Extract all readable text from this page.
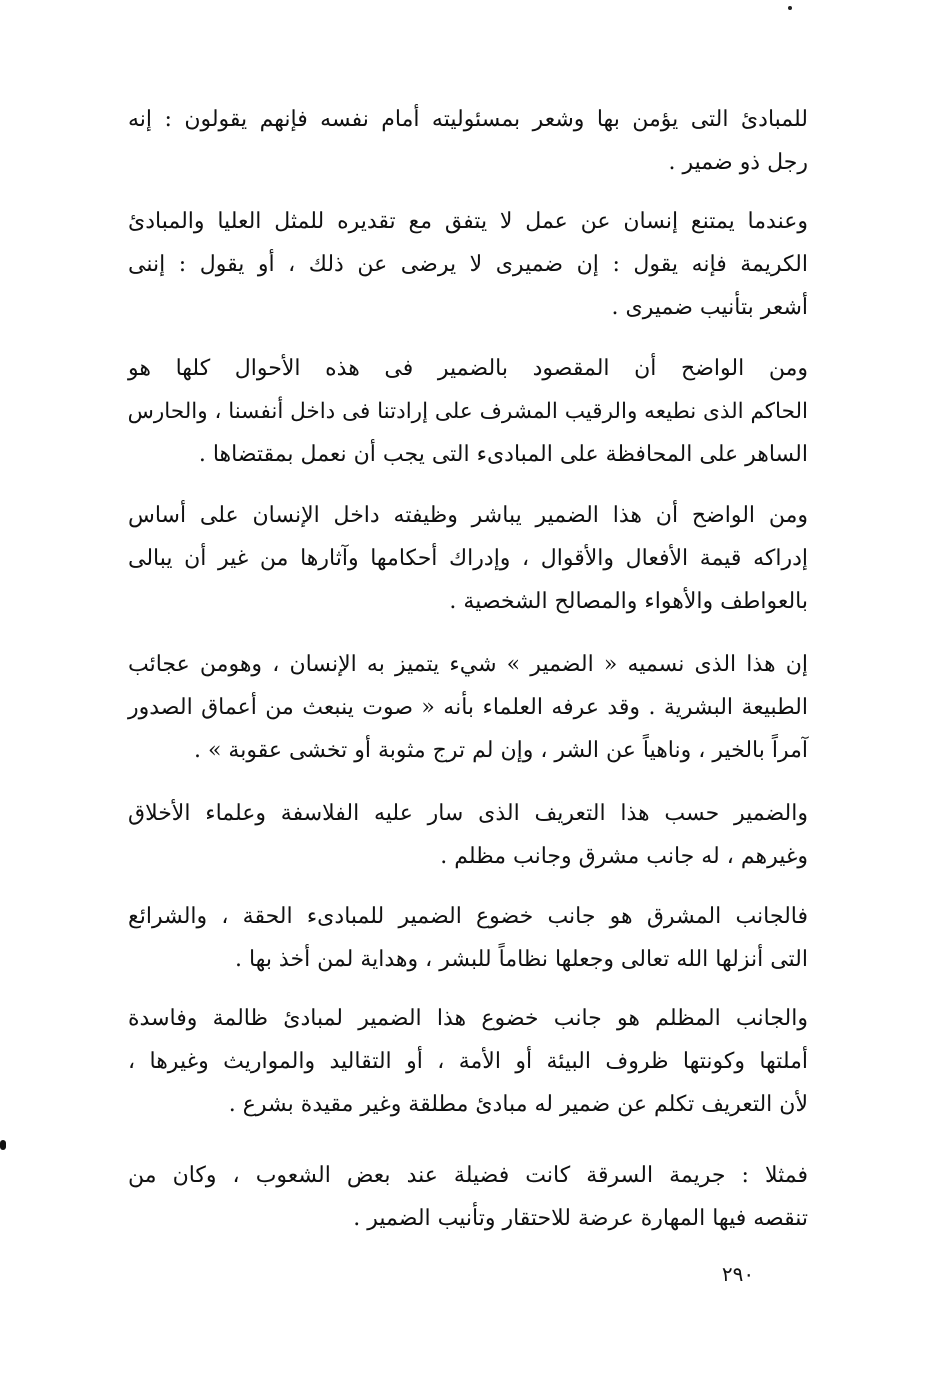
للمبادئ التى يؤمن بها وشعر بمسئوليته أمام نفسه فإنهم يقولون : إنه
رجل ذو ضمير .
وعندما يمتنع إنسان عن عمل لا يتفق مع تقديره للمثل العليا والمبادئ
الكريمة فإنه يقول : إن ضميرى لا يرضى عن ذلك ، أو يقول : إننى
أشعر بتأنيب ضميرى .
ومن الواضح أن المقصود بالضمير فى هذه الأحوال كلها هو
الحاكم الذى نطيعه والرقيب المشرف على إرادتنا فى داخل أنفسنا ، والحارس
الساهر على المحافظة على المبادىء التى يجب أن نعمل بمقتضاها .
ومن الواضح أن هذا الضمير يباشر وظيفته داخل الإنسان على أساس
إدراكه قيمة الأفعال والأقوال ، وإدراك أحكامها وآثارها من غير أن يبالى
بالعواطف والأهواء والمصالح الشخصية .
إن هذا الذى نسميه « الضمير » شيء يتميز به الإنسان ، وهومن عجائب
الطبيعة البشرية . وقد عرفه العلماء بأنه « صوت ينبعث من أعماق الصدور
آمراً بالخير ، وناهياً عن الشر ، وإن لم ترج مثوبة أو تخشى عقوبة » .
والضمير حسب هذا التعريف الذى سار عليه الفلاسفة وعلماء الأخلاق
وغيرهم ، له جانب مشرق وجانب مظلم .
فالجانب المشرق هو جانب خضوع الضمير للمبادىء الحقة ، والشرائع
التى أنزلها الله تعالى وجعلها نظاماً للبشر ، وهداية لمن أخذ بها .
والجانب المظلم هو جانب خضوع هذا الضمير لمبادئ ظالمة وفاسدة
أملتها وكونتها ظروف البيئة أو الأمة ، أو التقاليد والمواريث وغيرها ،
لأن التعريف تكلم عن ضمير له مبادئ مطلقة وغير مقيدة بشرع .
فمثلا : جريمة السرقة كانت فضيلة عند بعض الشعوب ، وكان من
تنقصه فيها المهارة عرضة للاحتقار وتأنيب الضمير .
٢٩٠
